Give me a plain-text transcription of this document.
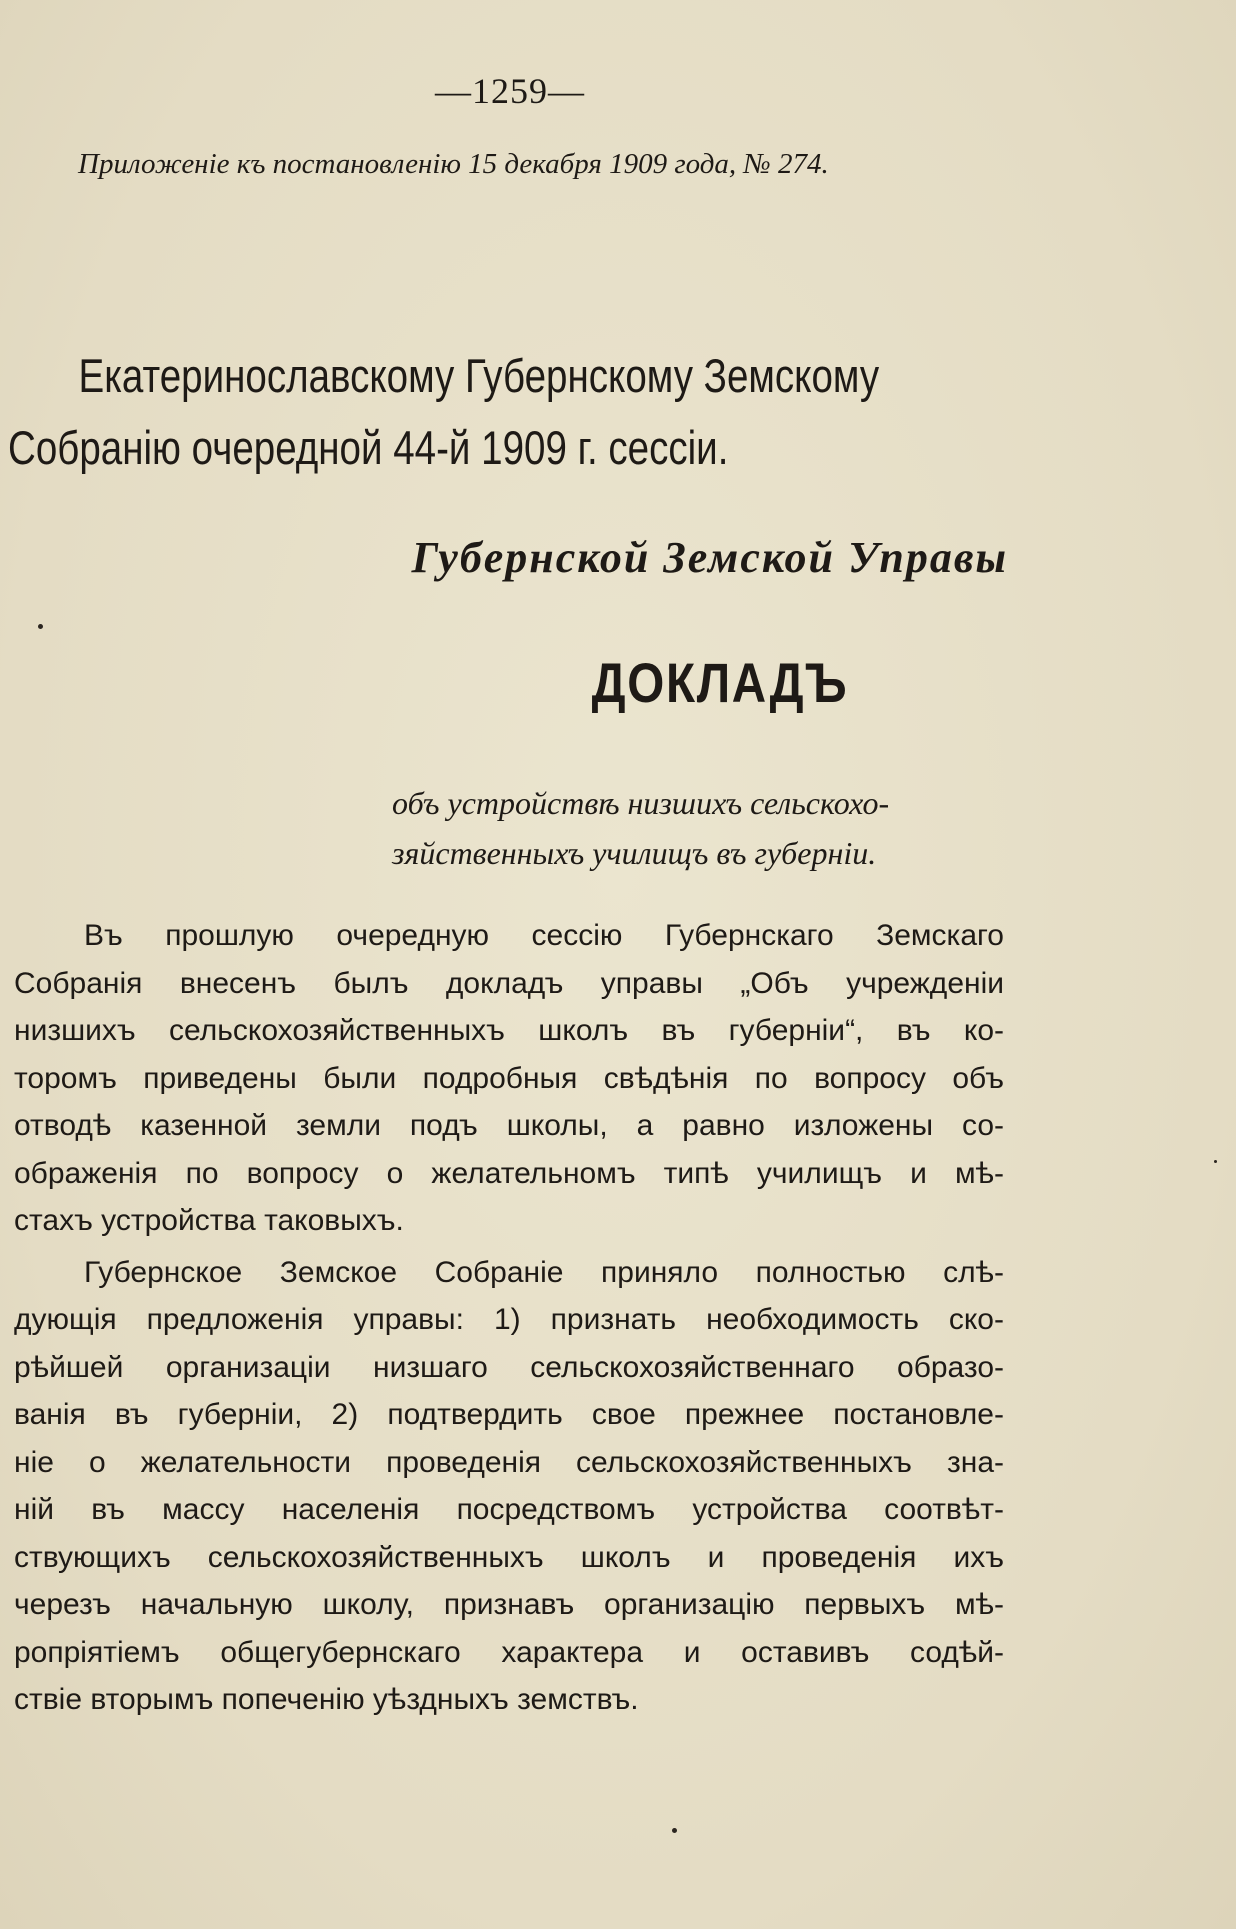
—1259—
Приложеніе къ постановленію 15 декабря 1909 года, № 274.
Екатеринославскому Губернскому Земскому
Собранію очередной 44-й 1909 г. сессіи.
Губернской Земской Управы
ДОКЛАДЪ
объ устройствѣ низшихъ сельскохо-
зяйственныхъ училищъ въ губерніи.
Въ прошлую очередную сессію Губернскаго Земскаго
Собранія внесенъ былъ докладъ управы „Объ учрежденіи
низшихъ сельскохозяйственныхъ школъ въ губерніи“, въ ко-
торомъ приведены были подробныя свѣдѣнія по вопросу объ
отводѣ казенной земли подъ школы, а равно изложены со-
ображенія по вопросу о желательномъ типѣ училищъ и мѣ-
стахъ устройства таковыхъ.
Губернское Земское Собраніе приняло полностью слѣ-
дующія предложенія управы: 1) признать необходимость ско-
рѣйшей организаціи низшаго сельскохозяйственнаго образо-
ванія въ губерніи, 2) подтвердить свое прежнее постановле-
ніе о желательности проведенія сельскохозяйственныхъ зна-
ній въ массу населенія посредствомъ устройства соотвѣт-
ствующихъ сельскохозяйственныхъ школъ и проведенія ихъ
черезъ начальную школу, признавъ организацію первыхъ мѣ-
ропріятіемъ общегубернскаго характера и оставивъ содѣй-
ствіе вторымъ попеченію уѣздныхъ земствъ.
